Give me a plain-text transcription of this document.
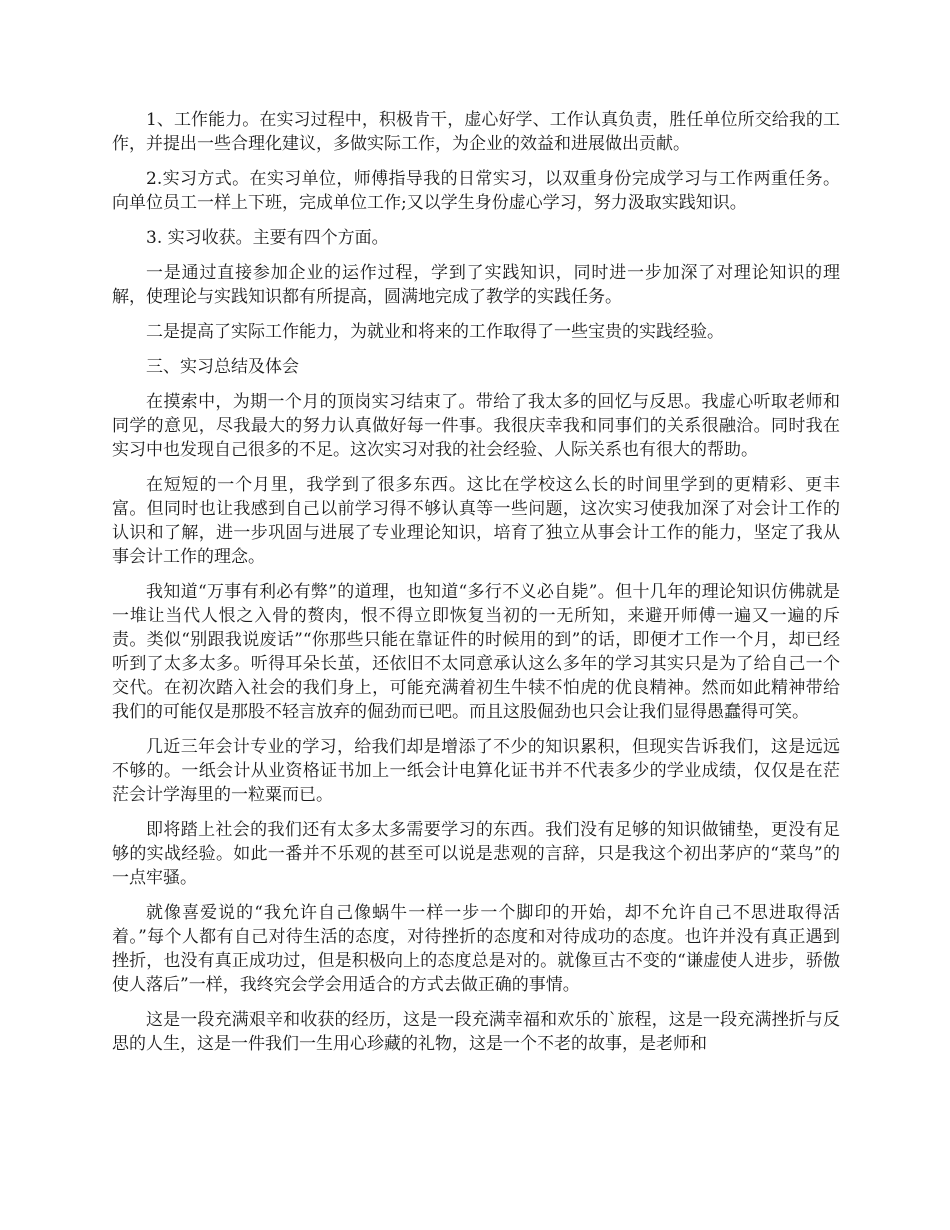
1、工作能力。在实习过程中，积极肯干，虚心好学、工作认真负责，胜任单位所交给我的工作，并提出一些合理化建议，多做实际工作，为企业的效益和进展做出贡献。

2.实习方式。在实习单位，师傅指导我的日常实习，以双重身份完成学习与工作两重任务。向单位员工一样上下班，完成单位工作;又以学生身份虚心学习，努力汲取实践知识。

3. 实习收获。主要有四个方面。

一是通过直接参加企业的运作过程，学到了实践知识，同时进一步加深了对理论知识的理解，使理论与实践知识都有所提高，圆满地完成了教学的实践任务。

二是提高了实际工作能力，为就业和将来的工作取得了一些宝贵的实践经验。

三、实习总结及体会

在摸索中，为期一个月的顶岗实习结束了。带给了我太多的回忆与反思。我虚心听取老师和同学的意见，尽我最大的努力认真做好每一件事。我很庆幸我和同事们的关系很融洽。同时我在实习中也发现自己很多的不足。这次实习对我的社会经验、人际关系也有很大的帮助。

在短短的一个月里，我学到了很多东西。这比在学校这么长的时间里学到的更精彩、更丰富。但同时也让我感到自己以前学习得不够认真等一些问题，这次实习使我加深了对会计工作的认识和了解，进一步巩固与进展了专业理论知识，培育了独立从事会计工作的能力，坚定了我从事会计工作的理念。

我知道“万事有利必有弊”的道理，也知道“多行不义必自毙”。但十几年的理论知识仿佛就是一堆让当代人恨之入骨的赘肉，恨不得立即恢复当初的一无所知，来避开师傅一遍又一遍的斥责。类似“别跟我说废话”“你那些只能在靠证件的时候用的到”的话，即便才工作一个月，却已经听到了太多太多。听得耳朵长茧，还依旧不太同意承认这么多年的学习其实只是为了给自己一个交代。在初次踏入社会的我们身上，可能充满着初生牛犊不怕虎的优良精神。然而如此精神带给我们的可能仅是那股不轻言放弃的倔劲而已吧。而且这股倔劲也只会让我们显得愚蠢得可笑。

几近三年会计专业的学习，给我们却是增添了不少的知识累积，但现实告诉我们，这是远远不够的。一纸会计从业资格证书加上一纸会计电算化证书并不代表多少的学业成绩，仅仅是在茫茫会计学海里的一粒粟而已。

即将踏上社会的我们还有太多太多需要学习的东西。我们没有足够的知识做铺垫，更没有足够的实战经验。如此一番并不乐观的甚至可以说是悲观的言辞，只是我这个初出茅庐的“菜鸟”的一点牢骚。

就像喜爱说的“我允许自己像蜗牛一样一步一个脚印的开始，却不允许自己不思进取得活着。”每个人都有自己对待生活的态度，对待挫折的态度和对待成功的态度。也许并没有真正遇到挫折，也没有真正成功过，但是积极向上的态度总是对的。就像亘古不变的“谦虚使人进步，骄傲使人落后”一样，我终究会学会用适合的方式去做正确的事情。

这是一段充满艰辛和收获的经历，这是一段充满幸福和欢乐的`旅程，这是一段充满挫折与反思的人生，这是一件我们一生用心珍藏的礼物，这是一个不老的故事，是老师和
